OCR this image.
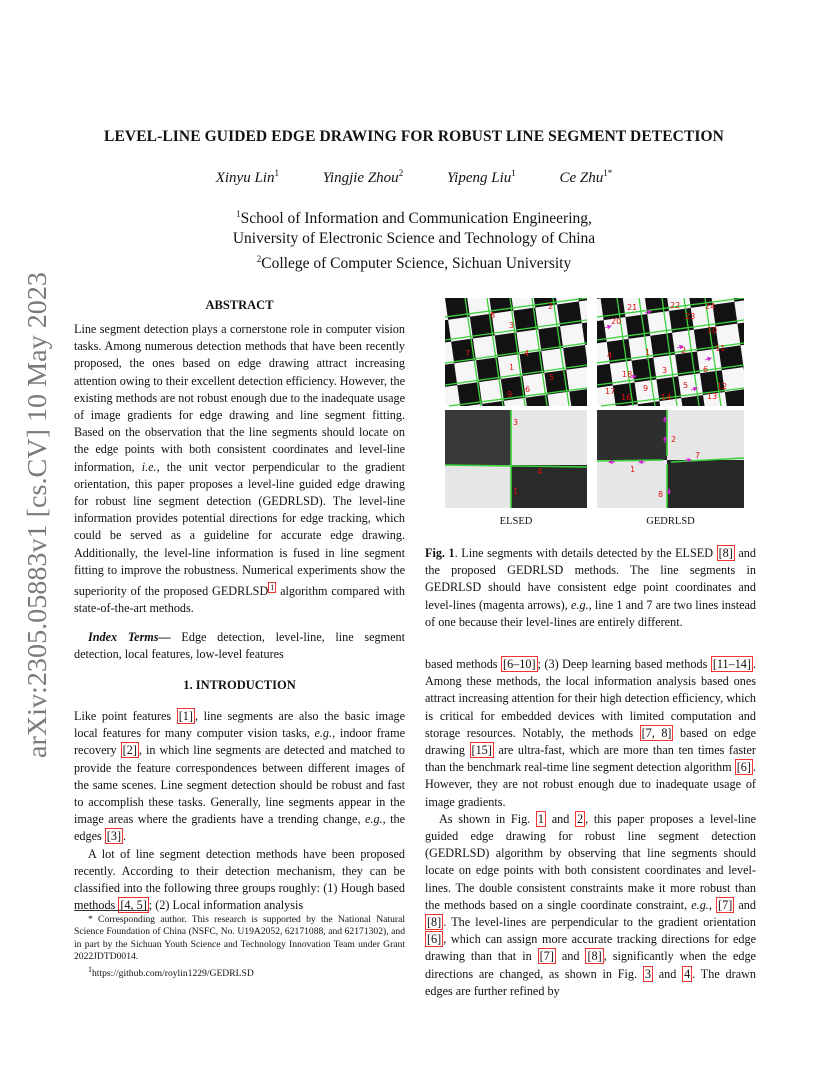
arXiv:2305.05883v1 [cs.CV] 10 May 2023
LEVEL-LINE GUIDED EDGE DRAWING FOR ROBUST LINE SEGMENT DETECTION
Xinyu Lin$^1$	Yingjie Zhou$^2$	Yipeng Liu$^1$	Ce Zhu$^{1*}$
$^1$School of Information and Communication Engineering,
University of Electronic Science and Technology of China
$^2$College of Computer Science, Sichuan University
ABSTRACT

Line segment detection plays a cornerstone role in computer vision tasks. Among numerous detection methods that have been recently proposed, the ones based on edge drawing attract increasing attention owing to their excellent detection efficiency. However, the existing methods are not robust enough due to the inadequate usage of image gradients for edge drawing and line segment fitting. Based on the observation that the line segments should locate on the edge points with both consistent coordinates and level-line information, i.e., the unit vector perpendicular to the gradient orientation, this paper proposes a level-line guided edge drawing for robust line segment detection (GEDRLSD). The level-line information provides potential directions for edge tracking, which could be served as a guideline for accurate edge drawing. Additionally, the level-line information is fused in line segment fitting to improve the robustness. Numerical experiments show the superiority of the proposed GEDRLSD $^1$ algorithm compared with state-of-the-art methods.

Index Terms— Edge detection, level-line, line segment detection, local features, low-level features

1. INTRODUCTION

Like point features [1] , line segments are also the basic image local features for many computer vision tasks, e.g., indoor frame recovery [2] , in which line segments are detected and matched to provide the feature correspondences between different images of the same scenes. Line segment detection should be robust and fast to accomplish these tasks. Generally, line segments appear in the image areas where the gradients have a trending change, e.g., the edges [3] .

A lot of line segment detection methods have been proposed recently. According to their detection mechanism, they can be classified into the following three groups roughly: (1) Hough based methods [4, 5] ; (2) Local information analysis

* Corresponding author. This research is supported by the National Natural Science Foundation of China (NSFC, No. U19A2052, 62171088, and 62171302), and in part by the Sichuan Youth Science and Technology Innovation Team under Grant 2022JDTD0014.
$^1$https://github.com/roylin1229/GEDRLSD
2
3
7	4
1
5
6
9
8
21
20
24
23
22
11
10
1	2
18
6
9	12
17
16	13
14
3
5
4
3
1
4
2
7
1
8
ELSED	GEDRLSD
Fig. 1. Line segments with details detected by the ELSED [8] and the proposed GEDRLSD methods. The line segments in GEDRLSD should have consistent edge point coordinates and level-lines (magenta arrows), e.g., line 1 and 7 are two lines instead of one because their level-lines are entirely different.

based methods [6–10] ; (3) Deep learning based methods [11–14] . Among these methods, the local information analysis based ones attract increasing attention for their high detection efficiency, which is critical for embedded devices with limited computation and storage resources. Notably, the methods [7, 8] based on edge drawing [15] are ultra-fast, which are more than ten times faster than the benchmark real-time line segment detection algorithm [6] . However, they are not robust enough due to inadequate usage of image gradients.

As shown in Fig. 1 and 2 , this paper proposes a level-line guided edge drawing for robust line segment detection (GEDRLSD) algorithm by observing that line segments should locate on edge points with both consistent coordinates and level-lines. The double consistent constraints make it more robust than the methods based on a single coordinate constraint, e.g., [7] and [8] . The level-lines are perpendicular to the gradient orientation [6] , which can assign more accurate tracking directions for edge drawing than that in [7] and [8] , significantly when the edge directions are changed, as shown in Fig. 3 and 4 . The drawn edges are further refined by
